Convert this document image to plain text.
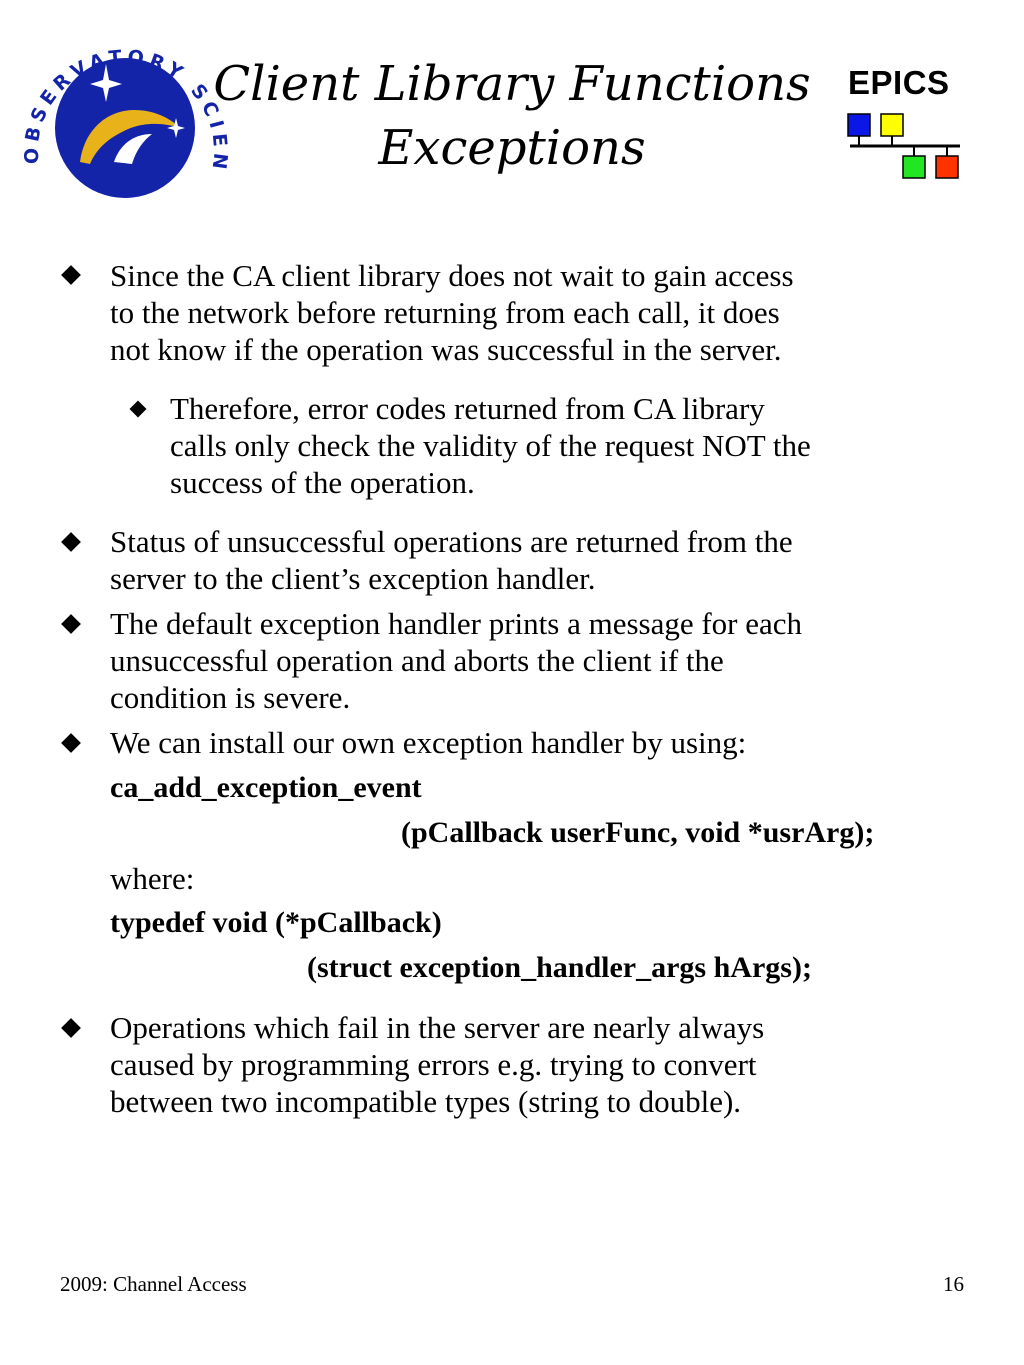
OBSERVATORY SCI
Client Library Functions
Exceptions
EPICS
Since the CA client library does not wait to gain access
to the network before returning from each call, it does
not know if the operation was successful in the server.
Therefore, error codes returned from CA library
calls only check the validity of the request NOT the
success of the operation.
Status of unsuccessful operations are returned from the
server to the client’s exception handler.
The default exception handler prints a message for each
unsuccessful operation and aborts the client if the
condition is severe.
We can install our own exception handler by using:
ca_add_exception_event
(pCallback userFunc, void *usrArg);
where:
typedef void (*pCallback)
(struct exception_handler_args hArgs);
Operations which fail in the server are nearly always
caused by programming errors e.g. trying to convert
between two incompatible types (string to double).
2009: Channel Access	16
